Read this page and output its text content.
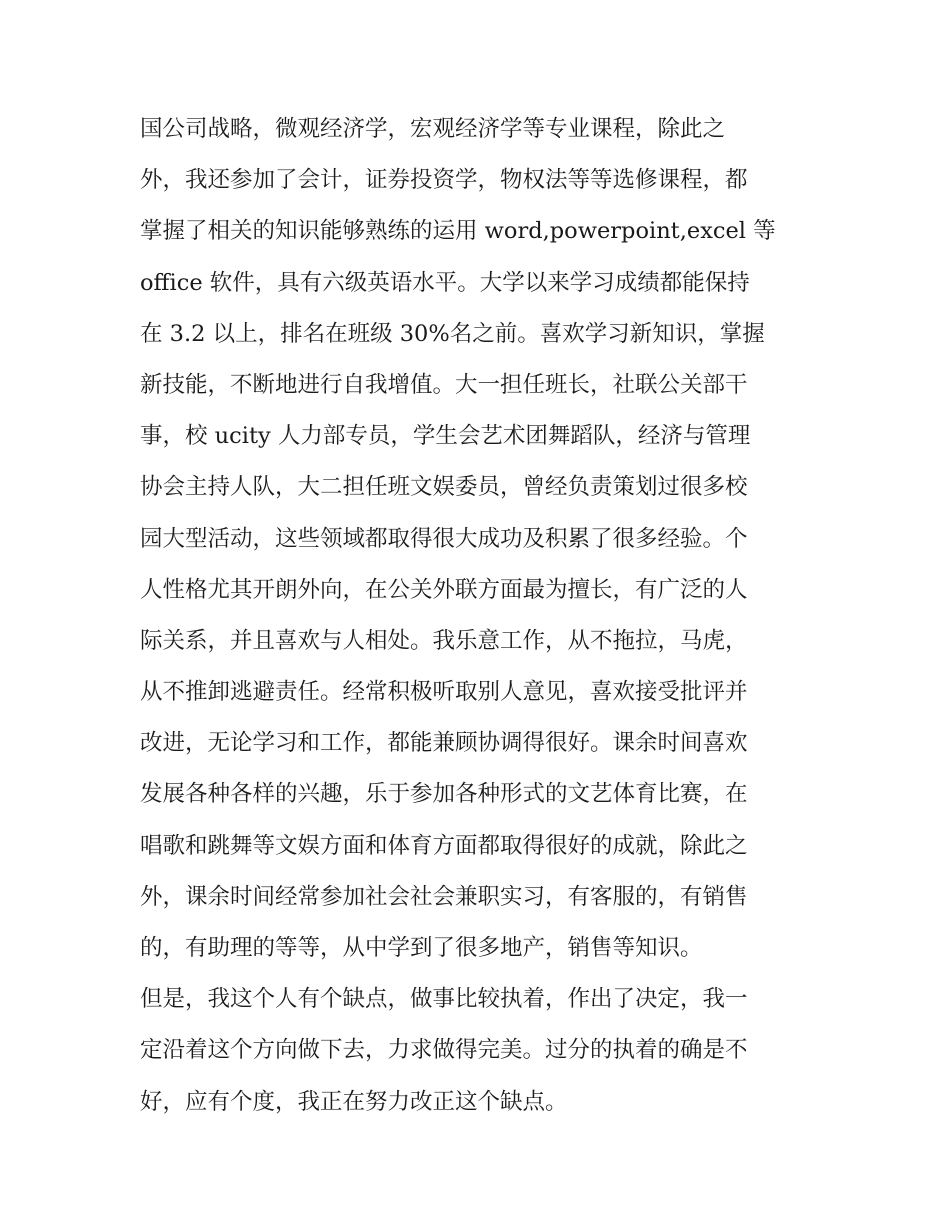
国公司战略，微观经济学，宏观经济学等专业课程，除此之
外，我还参加了会计，证券投资学，物权法等等选修课程，都
掌握了相关的知识能够熟练的运用 word,powerpoint,excel 等
office 软件，具有六级英语水平。大学以来学习成绩都能保持
在 3.2 以上，排名在班级 30%名之前。喜欢学习新知识，掌握
新技能，不断地进行自我增值。大一担任班长，社联公关部干
事，校 ucity 人力部专员，学生会艺术团舞蹈队，经济与管理
协会主持人队，大二担任班文娱委员，曾经负责策划过很多校
园大型活动，这些领域都取得很大成功及积累了很多经验。个
人性格尤其开朗外向，在公关外联方面最为擅长，有广泛的人
际关系，并且喜欢与人相处。我乐意工作，从不拖拉，马虎，
从不推卸逃避责任。经常积极听取别人意见，喜欢接受批评并
改进，无论学习和工作，都能兼顾协调得很好。课余时间喜欢
发展各种各样的兴趣，乐于参加各种形式的文艺体育比赛，在
唱歌和跳舞等文娱方面和体育方面都取得很好的成就，除此之
外，课余时间经常参加社会社会兼职实习，有客服的，有销售
的，有助理的等等，从中学到了很多地产，销售等知识。
但是，我这个人有个缺点，做事比较执着，作出了决定，我一
定沿着这个方向做下去，力求做得完美。过分的执着的确是不
好，应有个度，我正在努力改正这个缺点。
